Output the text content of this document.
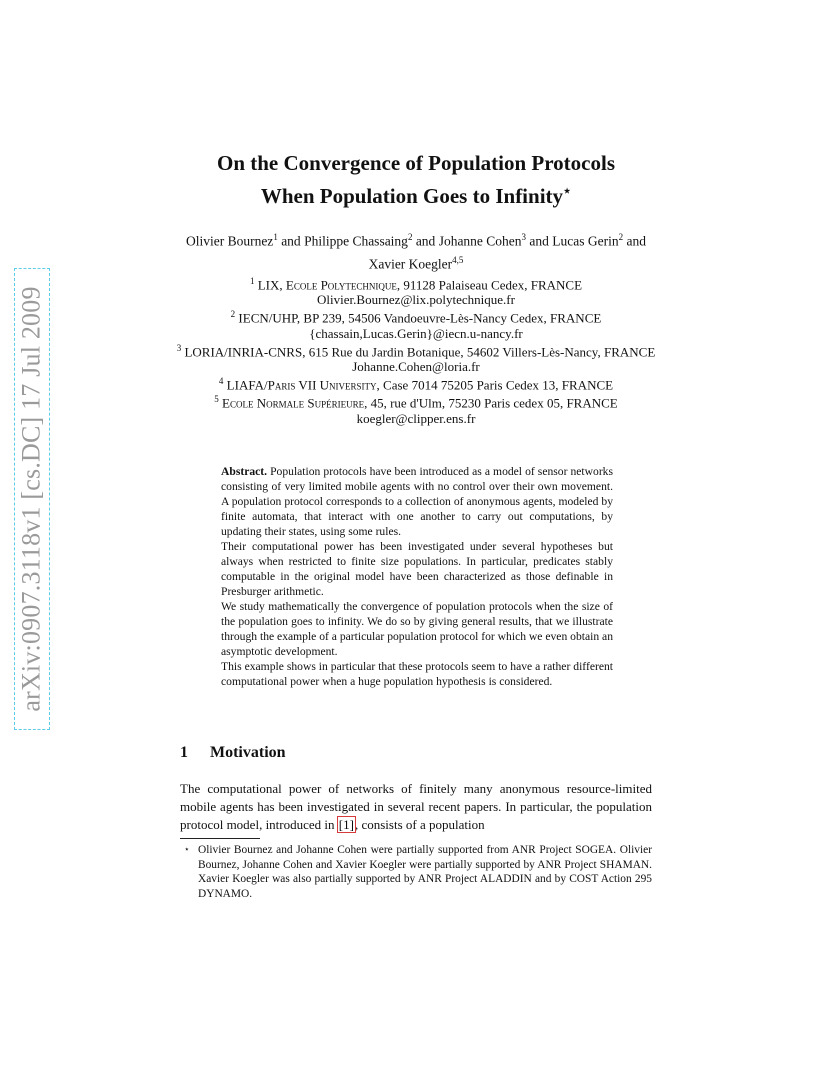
arXiv:0907.3118v1 [cs.DC] 17 Jul 2009
On the Convergence of Population Protocols
When Population Goes to Infinity⋆
Olivier Bournez$^1$ and Philippe Chassaing$^2$ and Johanne Cohen$^3$ and Lucas Gerin$^2$ and Xavier Koegler$^{4,5}$
$^1$ LIX, Ecole Polytechnique, 91128 Palaiseau Cedex, FRANCE
Olivier.Bournez@lix.polytechnique.fr
$^2$ IECN/UHP, BP 239, 54506 Vandoeuvre-Lès-Nancy Cedex, FRANCE
{chassain,Lucas.Gerin}@iecn.u-nancy.fr
$^3$ LORIA/INRIA-CNRS, 615 Rue du Jardin Botanique, 54602 Villers-Lès-Nancy, FRANCE
Johanne.Cohen@loria.fr
$^4$ LIAFA/Paris VII University, Case 7014 75205 Paris Cedex 13, FRANCE
$^5$ Ecole Normale Supérieure, 45, rue d'Ulm, 75230 Paris cedex 05, FRANCE
koegler@clipper.ens.fr

Abstract. Population protocols have been introduced as a model of sensor networks consisting of very limited mobile agents with no control over their own movement. A population protocol corresponds to a collection of anonymous agents, modeled by finite automata, that interact with one another to carry out computations, by updating their states, using some rules.

Their computational power has been investigated under several hypotheses but always when restricted to finite size populations. In particular, predicates stably computable in the original model have been characterized as those definable in Presburger arithmetic.

We study mathematically the convergence of population protocols when the size of the population goes to infinity. We do so by giving general results, that we illustrate through the example of a particular population protocol for which we even obtain an asymptotic development.

This example shows in particular that these protocols seem to have a rather different computational power when a huge population hypothesis is considered.

1 Motivation

The computational power of networks of finitely many anonymous resource-limited mobile agents has been investigated in several recent papers. In particular, the population protocol model, introduced in [1], consists of a population

⋆ Olivier Bournez and Johanne Cohen were partially supported from ANR Project SOGEA. Olivier Bournez, Johanne Cohen and Xavier Koegler were partially supported by ANR Project SHAMAN. Xavier Koegler was also partially supported by ANR Project ALADDIN and by COST Action 295 DYNAMO.
